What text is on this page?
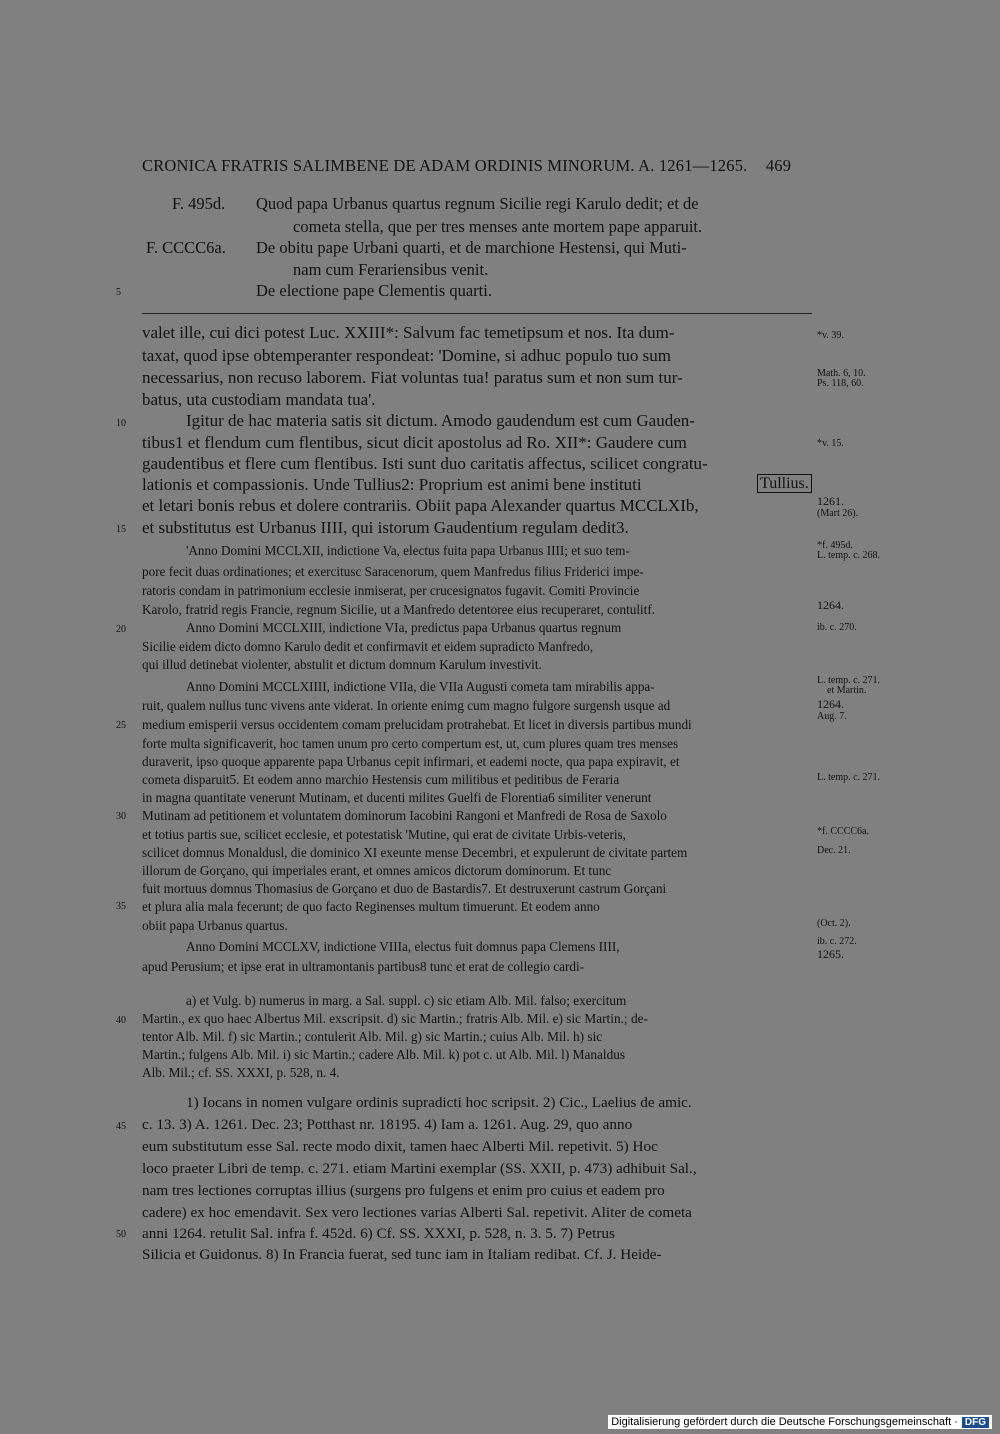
CRONICA FRATRIS SALIMBENE DE ADAM ORDINIS MINORUM. A. 1261—1265. 469
F. 495d. Quod papa Urbanus quartus regnum Sicilie regi Karulo dedit; et de
cometa stella, que per tres menses ante mortem pape apparuit.
F. CCCC6a. De obitu pape Urbani quarti, et de marchione Hestensi, qui Muti-
nam cum Ferariensibus venit.
De electione pape Clementis quarti.
5
valet ille, cui dici potest Luc. XXIII*: Salvum fac temetipsum et nos. Ita dum-
taxat, quod ipse obtemperanter respondeat: 'Domine, si adhuc populo tuo sum
necessarius, non recuso laborem. Fiat voluntas tua! paratus sum et non sum tur-
batus, uta custodiam mandata tua'.
Igitur de hac materia satis sit dictum. Amodo gaudendum est cum Gauden-
tibus1 et flendum cum flentibus, sicut dicit apostolus ad Ro. XII*: Gaudere cum
gaudentibus et flere cum flentibus. Isti sunt duo caritatis affectus, scilicet congratu-
lationis et compassionis. Unde Tullius2: Proprium est animi bene instituti
et letari bonis rebus et dolere contrariis. Obiit papa Alexander quartus MCCLXIb,
et substitutus est Urbanus IIII, qui istorum Gaudentium regulam dedit3.
Tullius.
'Anno Domini MCCLXII, indictione Va, electus fuita papa Urbanus IIII; et suo tem-
pore fecit duas ordinationes; et exercitusc Saracenorum, quem Manfredus filius Friderici impe-
ratoris condam in patrimonium ecclesie inmiserat, per crucesignatos fugavit. Comiti Provincie
Karolo, fratrid regis Francie, regnum Sicilie, ut a Manfredo detentoree eius recuperaret, contulitf.
Anno Domini MCCLXIII, indictione VIa, predictus papa Urbanus quartus regnum
Sicilie eidem dicto domno Karulo dedit et confirmavit et eidem supradicto Manfredo,
qui illud detinebat violenter, abstulit et dictum domnum Karulum investivit.
Anno Domini MCCLXIIII, indictione VIIa, die VIIa Augusti cometa tam mirabilis appa-
ruit, qualem nullus tunc vivens ante viderat. In oriente enimg cum magno fulgore surgensh usque ad
medium emisperii versus occidentem comam prelucidam protrahebat. Et licet in diversis partibus mundi
forte multa significaverit, hoc tamen unum pro certo compertum est, ut, cum plures quam tres menses
duraverit, ipso quoque apparente papa Urbanus cepit infirmari, et eademi nocte, qua papa expiravit, et
cometa disparuit5. Et eodem anno marchio Hestensis cum militibus et peditibus de Feraria
in magna quantitate venerunt Mutinam, et ducenti milites Guelfi de Florentia6 similiter venerunt
Mutinam ad petitionem et voluntatem dominorum Iacobini Rangoni et Manfredi de Rosa de Saxolo
et totius partis sue, scilicet ecclesie, et potestatisk 'Mutine, qui erat de civitate Urbis-veteris,
scilicet domnus Monaldusl, die dominico XI exeunte mense Decembri, et expulerunt de civitate partem
illorum de Gorçano, qui imperiales erant, et omnes amicos dictorum dominorum. Et tunc
fuit mortuus domnus Thomasius de Gorçano et duo de Bastardis7. Et destruxerunt castrum Gorçani
et plura alia mala fecerunt; de quo facto Reginenses multum timuerunt. Et eodem anno
obiit papa Urbanus quartus.
Anno Domini MCCLXV, indictione VIIIa, electus fuit domnus papa Clemens IIII,
apud Perusium; et ipse erat in ultramontanis partibus8 tunc et erat de collegio cardi-
a) et Vulg. b) numerus in marg. a Sal. suppl. c) sic etiam Alb. Mil. falso; exercitum
Martin., ex quo haec Albertus Mil. exscripsit. d) sic Martin.; fratris Alb. Mil. e) sic Martin.; de-
tentor Alb. Mil. f) sic Martin.; contulerit Alb. Mil. g) sic Martin.; cuius Alb. Mil. h) sic
Martin.; fulgens Alb. Mil. i) sic Martin.; cadere Alb. Mil. k) pot c. ut Alb. Mil. l) Manaldus
Alb. Mil.; cf. SS. XXXI, p. 528, n. 4.
1) Iocans in nomen vulgare ordinis supradicti hoc scripsit. 2) Cic., Laelius de amic.
c. 13. 3) A. 1261. Dec. 23; Potthast nr. 18195. 4) Iam a. 1261. Aug. 29, quo anno
eum substitutum esse Sal. recte modo dixit, tamen haec Alberti Mil. repetivit. 5) Hoc
loco praeter Libri de temp. c. 271. etiam Martini exemplar (SS. XXII, p. 473) adhibuit Sal.,
nam tres lectiones corruptas illius (surgens pro fulgens et enim pro cuius et eadem pro
cadere) ex hoc emendavit. Sex vero lectiones varias Alberti Sal. repetivit. Aliter de cometa
anni 1264. retulit Sal. infra f. 452d. 6) Cf. SS. XXXI, p. 528, n. 3. 5. 7) Petrus
Silicia et Guidonus. 8) In Francia fuerat, sed tunc iam in Italiam redibat. Cf. J. Heide-
10
15
20
25
30
35
40
45
50
*v. 39.
Math. 6, 10.
Ps. 118, 60.
*v. 15.
1261.
(Mart 26).
*f. 495d.
L. temp. c. 268.
1264.
ib. c. 270.
L. temp. c. 271.
et Martin.
1264.
Aug. 7.
L. temp. c. 271.
*f. CCCC6a.
Dec. 21.
(Oct. 2).
ib. c. 272.
1265.
Digitalisierung gefördert durch die Deutsche Forschungsgemeinschaft · DFG
